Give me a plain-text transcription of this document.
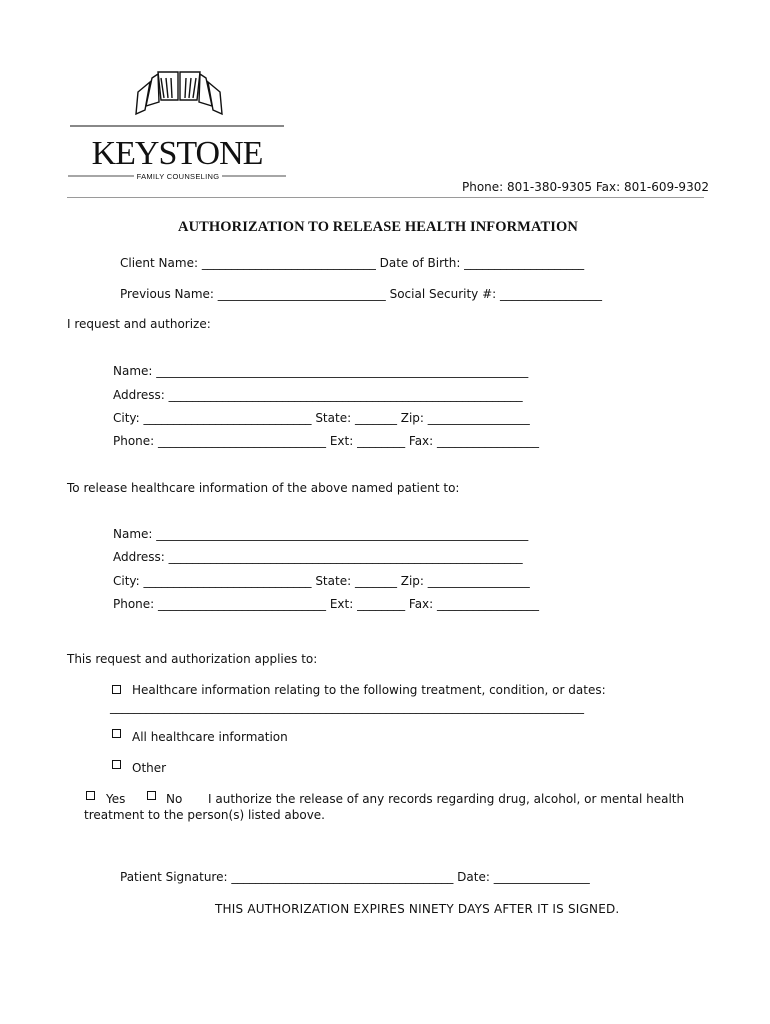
KEYSTONE
FAMILY COUNSELING
Phone: 801-380-9305 Fax: 801-609-9302
AUTHORIZATION TO RELEASE HEALTH INFORMATION
Client Name: _____________________________ Date of Birth: ____________________
Previous Name: ____________________________ Social Security #: _________________
I request and authorize:
Name: ______________________________________________________________
Address: ___________________________________________________________
City: ____________________________ State: _______ Zip: _________________
Phone: ____________________________ Ext: ________ Fax: _________________
To release healthcare information of the above named patient to:
Name: ______________________________________________________________
Address: ___________________________________________________________
City: ____________________________ State: _______ Zip: _________________
Phone: ____________________________ Ext: ________ Fax: _________________
This request and authorization applies to:
Healthcare information relating to the following treatment, condition, or dates:
_______________________________________________________________________________
All healthcare information
Other
Yes	No I authorize the release of any records regarding drug, alcohol, or mental health
treatment to the person(s) listed above.
Patient Signature: _____________________________________ Date: ________________
THIS AUTHORIZATION EXPIRES NINETY DAYS AFTER IT IS SIGNED.
